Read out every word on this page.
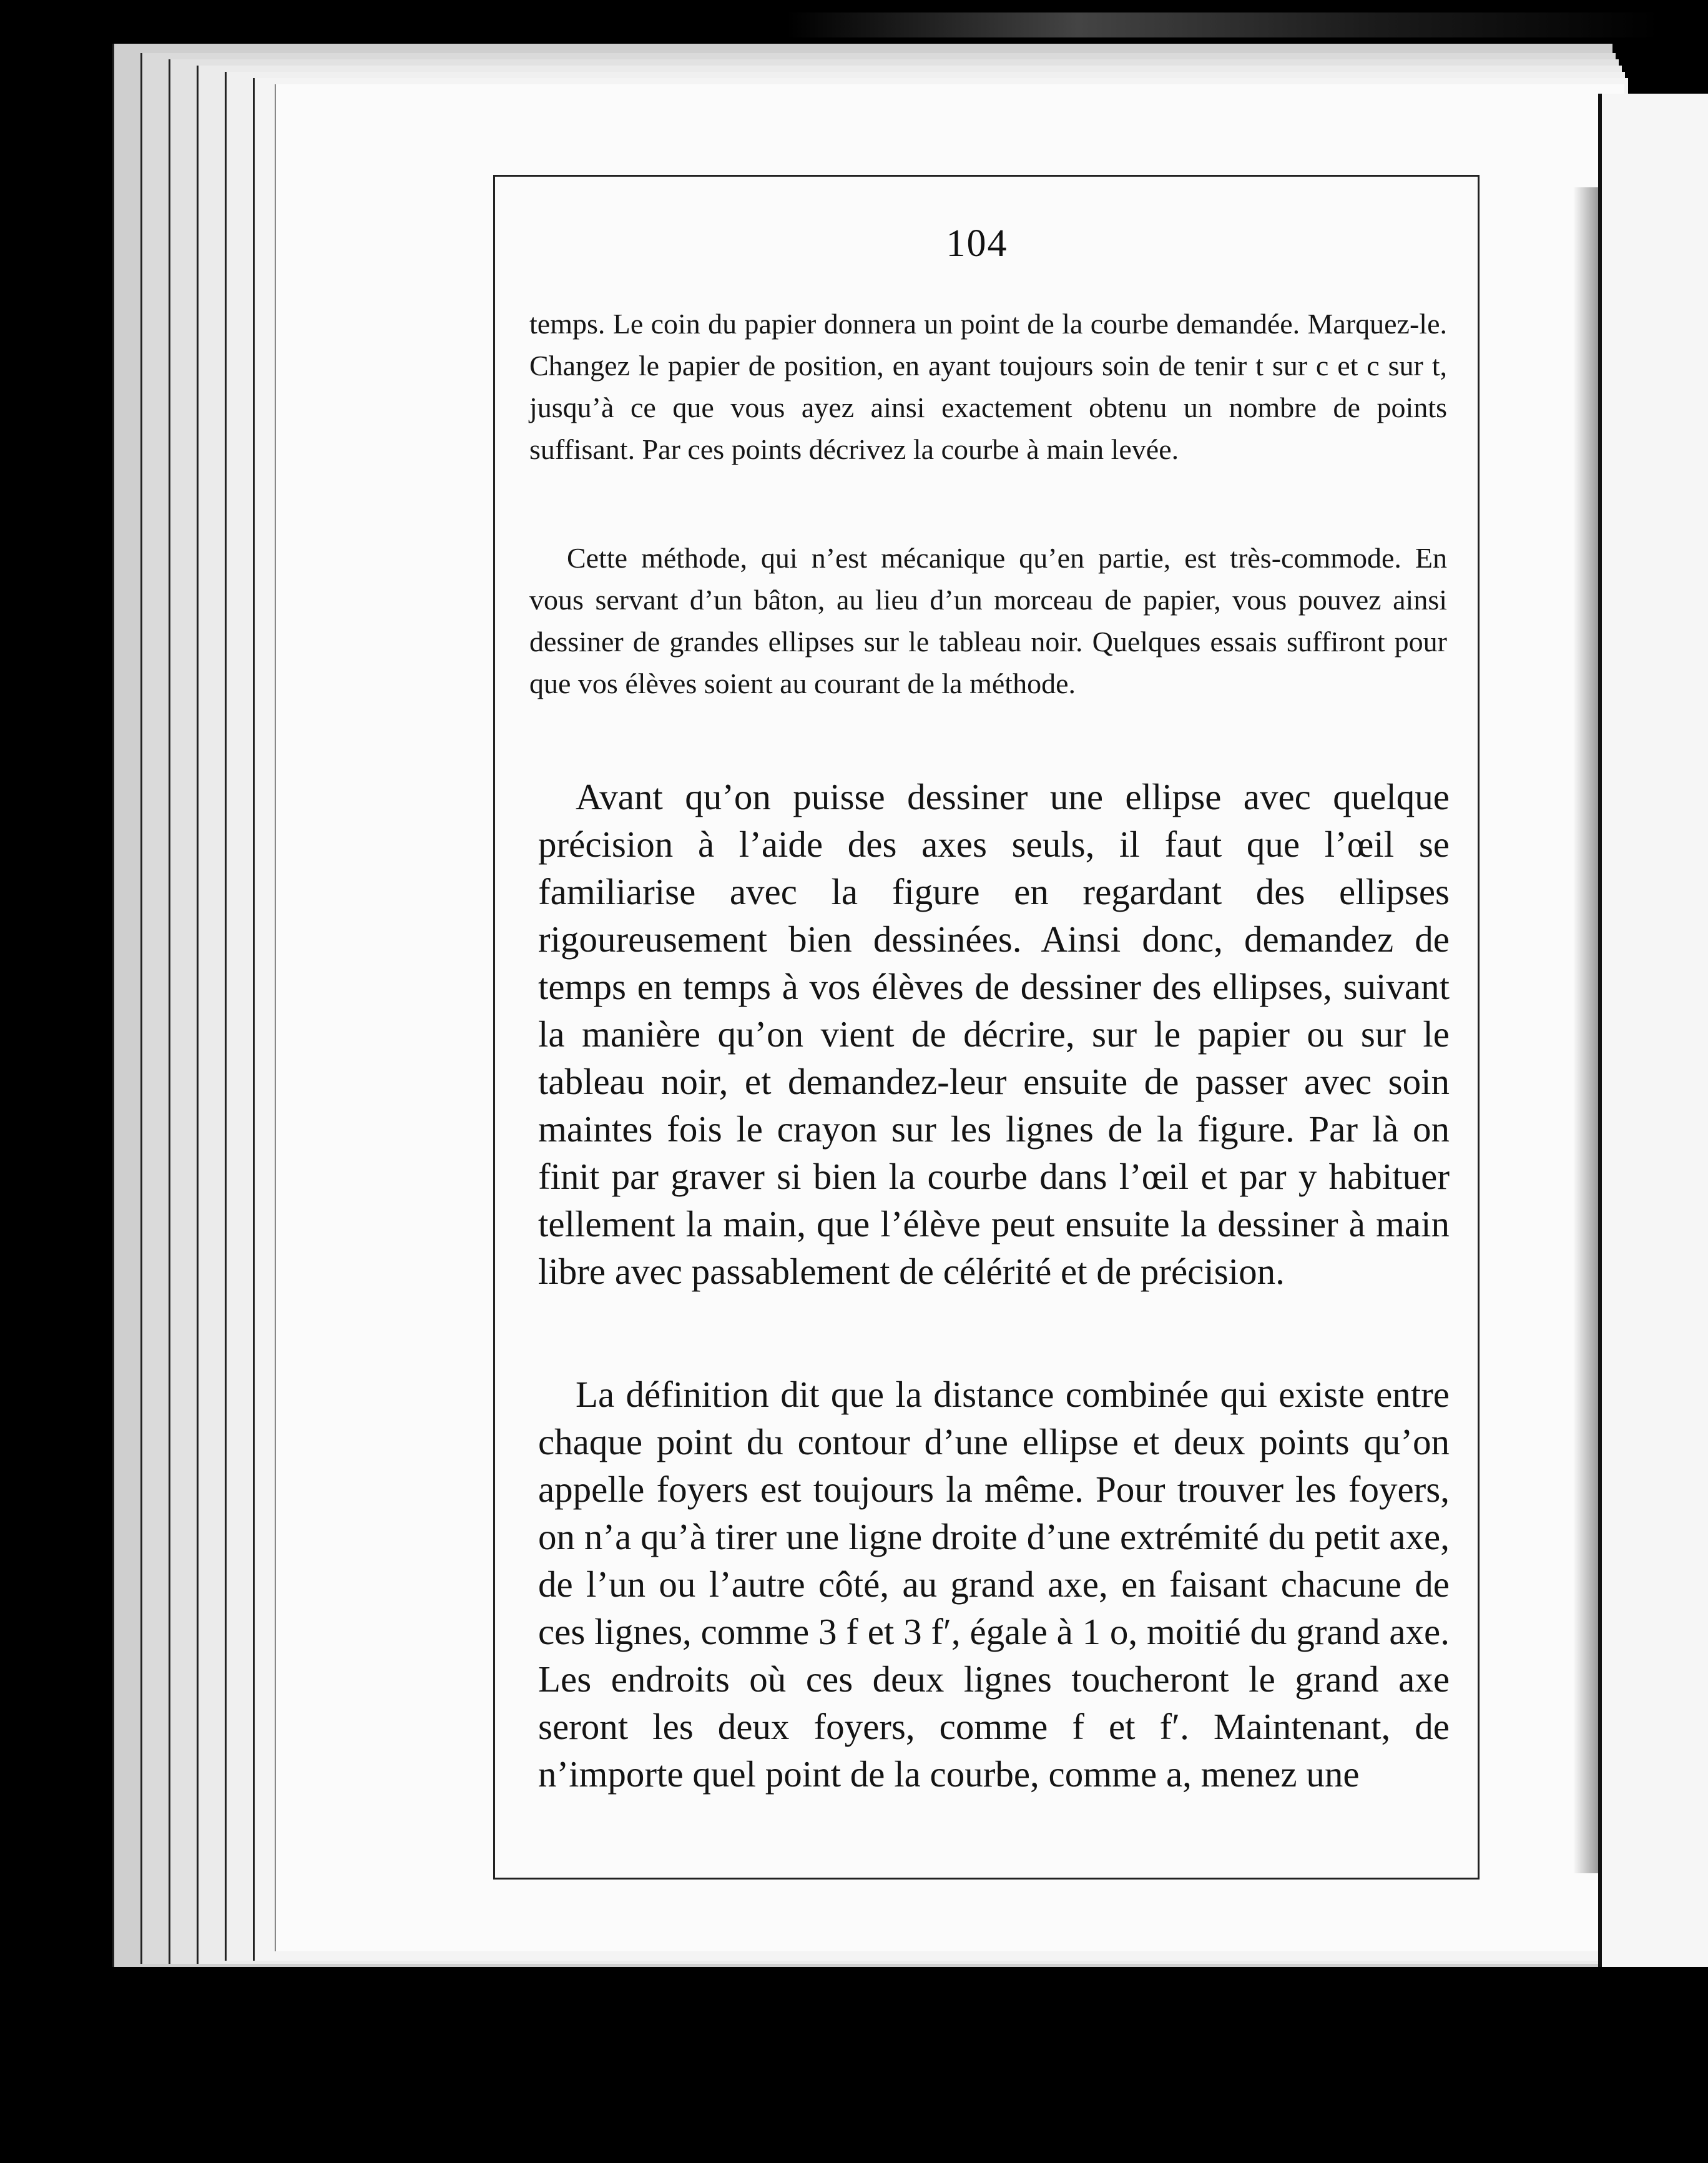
104
temps. Le coin du papier donnera un point de la courbe demandée. Marquez-le. Changez le papier de position, en ayant toujours soin de tenir t sur c et c sur t, jusqu’à ce que vous ayez ainsi exactement obtenu un nombre de points suffisant. Par ces points décrivez la courbe à main levée.
Cette méthode, qui n’est mécanique qu’en partie, est très-commode. En vous servant d’un bâton, au lieu d’un morceau de papier, vous pouvez ainsi dessiner de grandes ellipses sur le tableau noir. Quelques essais suffiront pour que vos élèves soient au courant de la méthode.
Avant qu’on puisse dessiner une ellipse avec quelque précision à l’aide des axes seuls, il faut que l’œil se familiarise avec la figure en regardant des ellipses rigoureusement bien dessinées. Ainsi donc, demandez de temps en temps à vos élèves de dessiner des ellipses, suivant la manière qu’on vient de décrire, sur le papier ou sur le tableau noir, et demandez-leur ensuite de passer avec soin maintes fois le crayon sur les lignes de la figure. Par là on finit par graver si bien la courbe dans l’œil et par y habituer tellement la main, que l’élève peut ensuite la dessiner à main libre avec passablement de célérité et de précision.
La définition dit que la distance combinée qui existe entre chaque point du contour d’une ellipse et deux points qu’on appelle foyers est toujours la même. Pour trouver les foyers, on n’a qu’à tirer une ligne droite d’une extrémité du petit axe, de l’un ou l’autre côté, au grand axe, en faisant chacune de ces lignes, comme 3 f et 3 f′, égale à 1 o, moitié du grand axe. Les endroits où ces deux lignes toucheront le grand axe seront les deux foyers, comme f et f′. Maintenant, de n’importe quel point de la courbe, comme a, menez une
